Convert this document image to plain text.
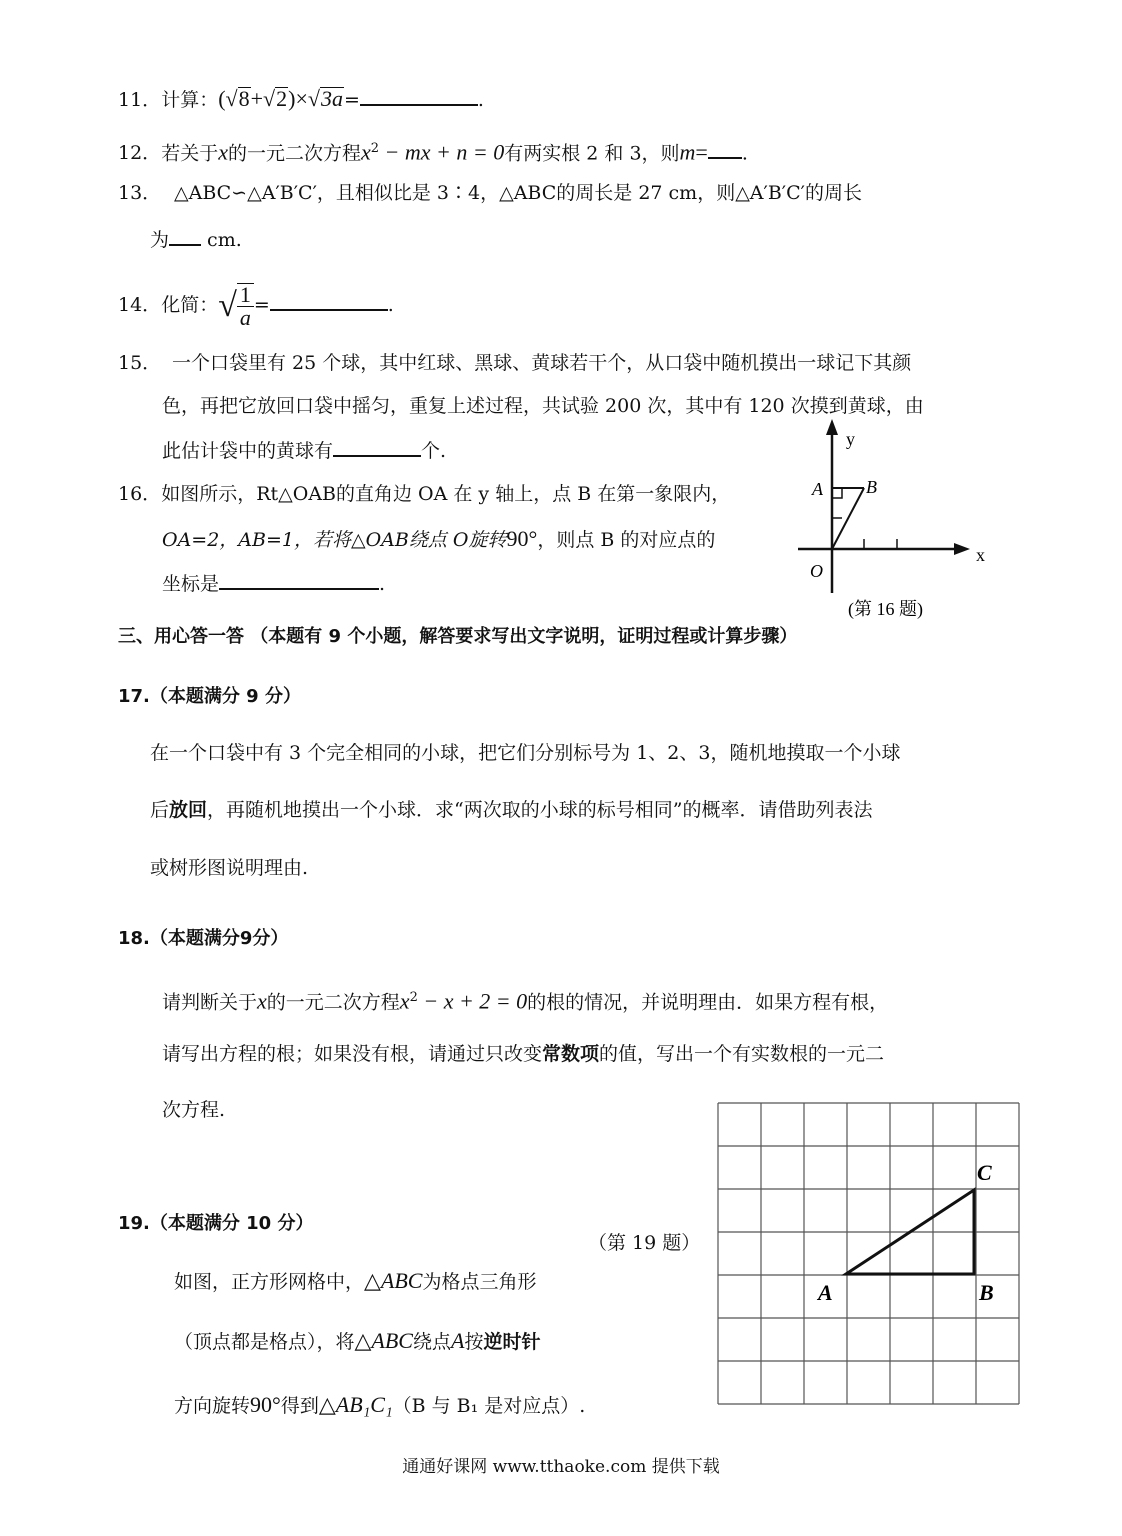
11．计算：(√8+√2)×√3a=	.
12．若关于x的一元二次方程$x^2$ − mx + n = 0有两实根 2 和 3，则m= .
13． △ABC∽△A′B′C′，且相似比是 3∶4，△ABC的周长是 27 cm，则△A′B′C′的周长
为 cm.
14．化简：√ $\frac{1}{a}$ =	.
15． 一个口袋里有 25 个球，其中红球、黑球、黄球若干个，从口袋中随机摸出一球记下其颜
色，再把它放回口袋中摇匀，重复上述过程，共试验 200 次，其中有 120 次摸到黄球，由
此估计袋中的黄球有	个.
16．如图所示，Rt△OAB的直角边 OA 在 y 轴上，点 B 在第一象限内，
OA=2，AB=1，若将△OAB绕点 O旋转90°，则点 B 的对应点的
坐标是	.
y
x
A B
O
(第 16 题)
三、用心答一答 （本题有 9 个小题，解答要求写出文字说明，证明过程或计算步骤）
17.（本题满分 9 分）
在一个口袋中有 3 个完全相同的小球，把它们分别标号为 1、2、3，随机地摸取一个小球
后放回，再随机地摸出一个小球．求“两次取的小球的标号相同”的概率．请借助列表法
或树形图说明理由.
18.（本题满分9分）
请判断关于x的一元二次方程$x^2 - x + 2 = 0$的根的情况，并说明理由．如果方程有根，
请写出方程的根；如果没有根，请通过只改变常数项的值，写出一个有实数根的一元二
次方程.
19.（本题满分 10 分）
（第 19 题）
如图，正方形网格中，△ABC为格点三角形
（顶点都是格点），将△ABC绕点A按逆时针
方向旋转90°得到△AB₁C₁（B 与 B₁ 是对应点）.
A	B
C
通通好课网 www.tthaoke.com 提供下载
